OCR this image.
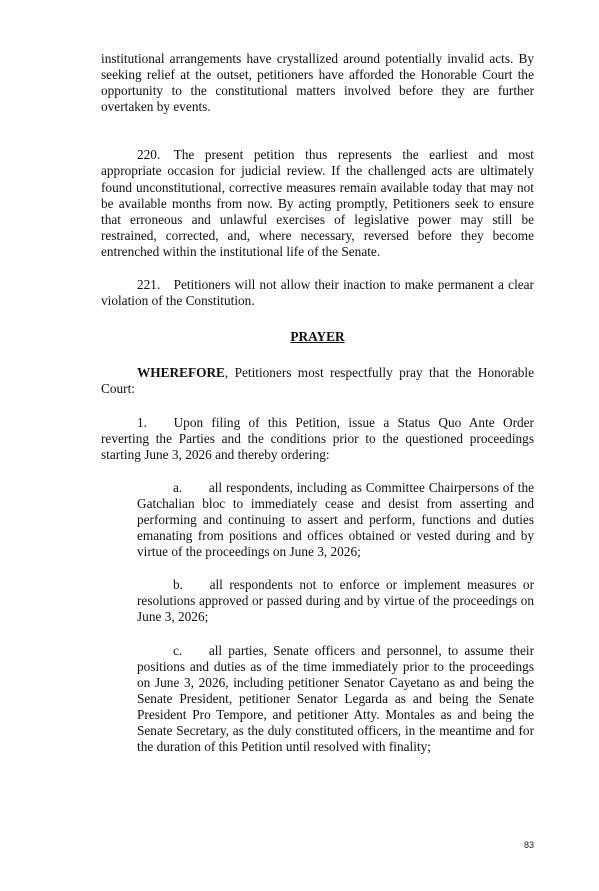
institutional arrangements have crystallized around potentially invalid acts. By seeking relief at the outset, petitioners have afforded the Honorable Court the opportunity to the constitutional matters involved before they are further overtaken by events.

220. The present petition thus represents the earliest and most appropriate occasion for judicial review. If the challenged acts are ultimately found unconstitutional, corrective measures remain available today that may not be available months from now. By acting promptly, Petitioners seek to ensure that erroneous and unlawful exercises of legislative power may still be restrained, corrected, and, where necessary, reversed before they become entrenched within the institutional life of the Senate.

221. Petitioners will not allow their inaction to make permanent a clear violation of the Constitution.

PRAYER

WHEREFORE, Petitioners most respectfully pray that the Honorable Court:

1.  Upon filing of this Petition, issue a Status Quo Ante Order reverting the Parties and the conditions prior to the questioned proceedings starting June 3, 2026 and thereby ordering:

a.  all respondents, including as Committee Chairpersons of the Gatchalian bloc to immediately cease and desist from asserting and performing and continuing to assert and perform, functions and duties emanating from positions and offices obtained or vested during and by virtue of the proceedings on June 3, 2026;

b.  all respondents not to enforce or implement measures or resolutions approved or passed during and by virtue of the proceedings on June 3, 2026;

c.  all parties, Senate officers and personnel, to assume their positions and duties as of the time immediately prior to the proceedings on June 3, 2026, including petitioner Senator Cayetano as and being the Senate President, petitioner Senator Legarda as and being the Senate President Pro Tempore, and petitioner Atty. Montales as and being the Senate Secretary, as the duly constituted officers, in the meantime and for the duration of this Petition until resolved with finality;

83
